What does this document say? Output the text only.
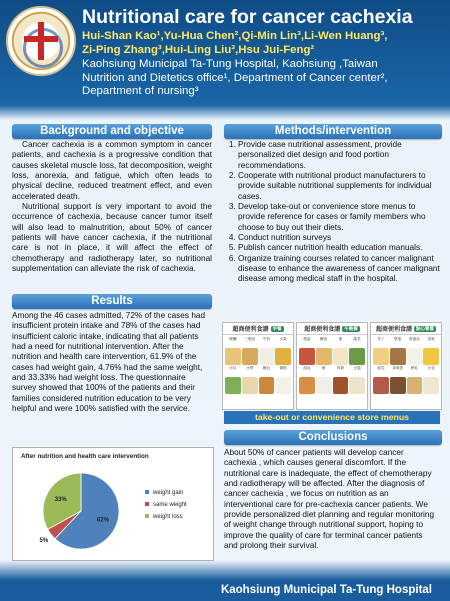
Nutritional care for cancer cachexia
Hui-Shan Kao¹,Yu-Hua Chen²,Qi-Min Lin³,Li-Wen Huang³,
Zi-Ping Zhang³,Hui-Ling Liu³,Hsu Jui-Feng²
Kaohsiung Municipal Ta-Tung Hospital, Kaohsiung ,Taiwan
Nutrition and Dietetics office¹, Department of Cancer center²,
Department of nursing³
Background and objective

Cancer cachexia is a common symptom in cancer patients, and cachexia is a progressive condition that causes skeletal muscle loss, fat decomposition, weight loss, anorexia, and fatigue, which often leads to physical decline, reduced treatment effect, and even accelerated death.

Nutritional support is very important to avoid the occurrence of cachexia, because cancer tumor itself will also lead to malnutrition, about 50% of cancer patients will have cancer cachexia, if the nutritional care is not in place, it will affect the effect of chemotherapy and radiotherapy later, so nutritional supplementation can alleviate the risk of cachexia.

Results
Among the 46 cases admitted, 72% of the cases had insufficient protein intake and 78% of the cases had insufficient caloric intake, indicating that all patients had a need for nutritional intervention. After the nutrition and health care intervention, 61.9% of the cases had weight gain, 4.76% had the same weight, and 33.33% had weight loss. The questionnaire survey showed that 100% of the patients and their families considered nutrition education to be very helpful and were 100% satisfied with the service.
After nutrition and health care intervention
62%
5%
33%
weight gain
same weight
weight loss
Methods/intervention
1. Provide case nutritional assessment, provide personalized diet design and food portion recommendations.
2. Cooperate with nutritional product manufacturers to provide suitable nutritional supplements for individual cases.
3. Develop take-out or convenience store menus to provide reference for cases or family members who choose to buy out their diets.
4. Conduct nutrition surveys
5. Publish cancer nutrition health education manuals.
6. Organize training courses related to cancer malignant disease to enhance the awareness of cancer malignant disease among medical staff in the hospital.
超商便利食譜 早餐
飯糰	三明治	牛奶	水果
沙拉	豆漿	麵包	優格
超商便利食譜 午晚餐
便當	麵食	蛋	蔬菜
湯品	飯	肉類	豆腐
超商便利食譜 點心營養
布丁	堅果	營養品	香蕉
地瓜	茶葉蛋	餅乾	豆花
take-out or convenience store menus
Conclusions
About 50% of cancer patients will develop cancer cachexia , which causes general discomfort. If the nutritional care is inadequate, the effect of chemotherapy and radiotherapy will be affected. After the diagnosis of cancer cachexia , we focus on nutrition as an interventional care for pre-cachexia cancer patients. We provide personalized diet planning and regular monitoring of weight change through nutritional support, hoping to improve the quality of care for terminal cancer patients and prolong their survival.
Kaohsiung Municipal Ta-Tung Hospital
